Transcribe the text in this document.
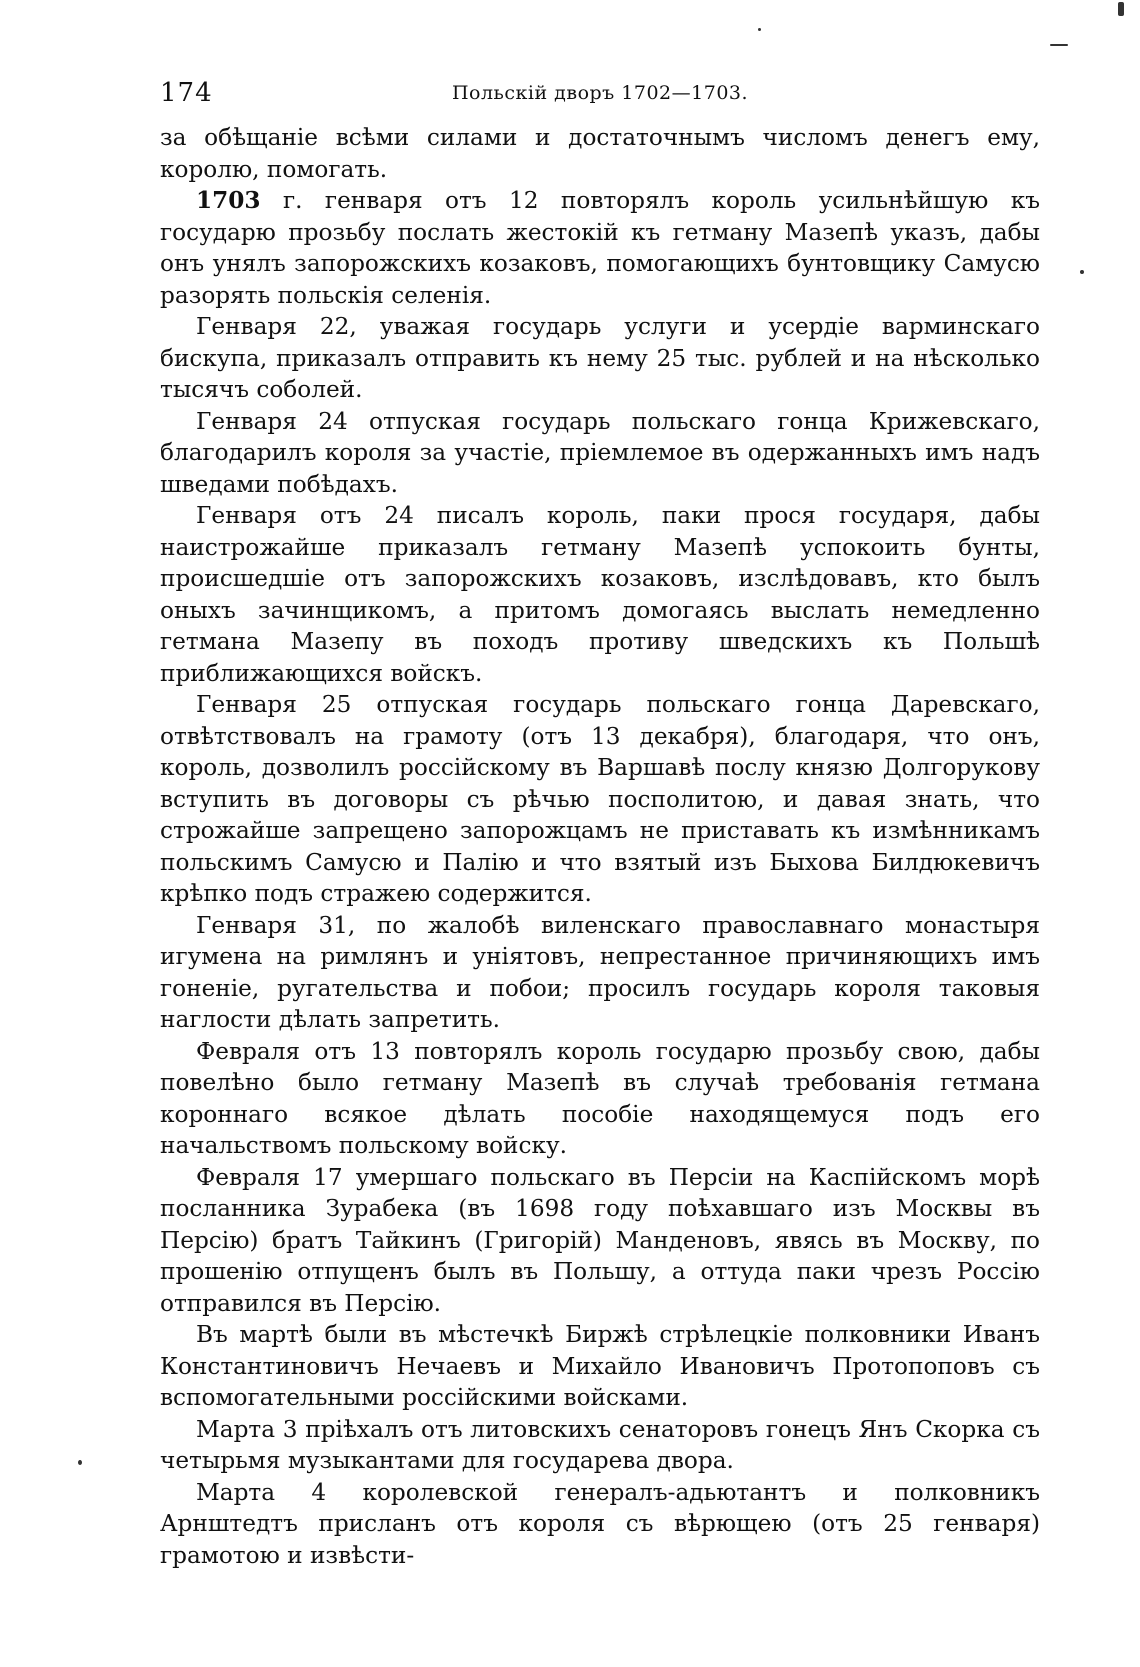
174	Польскій дворъ 1702—1703.

за обѣщаніе всѣми силами и достаточнымъ числомъ денегъ ему, королю, помогать.

1703 г. генваря отъ 12 повторялъ король усильнѣйшую къ государю прозьбу послать жестокій къ гетману Мазепѣ указъ, дабы онъ унялъ запорожскихъ козаковъ, помогающихъ бунтовщику Самусю разорять польскія селенія.

Генваря 22, уважая государь услуги и усердіе варминскаго бискупа, приказалъ отправить къ нему 25 тыс. рублей и на нѣсколько тысячъ соболей.

Генваря 24 отпуская государь польскаго гонца Крижевскаго, благодарилъ короля за участіе, пріемлемое въ одержанныхъ имъ надъ шведами побѣдахъ.

Генваря отъ 24 писалъ король, паки прося государя, дабы наистрожайше приказалъ гетману Мазепѣ успокоить бунты, происшедшіе отъ запорожскихъ козаковъ, изслѣдовавъ, кто былъ оныхъ зачинщикомъ, а притомъ домогаясь выслать немедленно гетмана Мазепу въ походъ противу шведскихъ къ Польшѣ приближающихся войскъ.

Генваря 25 отпуская государь польскаго гонца Даревскаго, отвѣтствовалъ на грамоту (отъ 13 декабря), благодаря, что онъ, король, дозволилъ россійскому въ Варшавѣ послу князю Долгорукову вступить въ договоры съ рѣчью посполитою, и давая знать, что строжайше запрещено запорожцамъ не приставать къ измѣнникамъ польскимъ Самусю и Палію и что взятый изъ Быхова Билдюкевичъ крѣпко подъ стражею содержится.

Генваря 31, по жалобѣ виленскаго православнаго монастыря игумена на римлянъ и уніятовъ, непрестанное причиняющихъ имъ гоненіе, ругательства и побои; просилъ государь короля таковыя наглости дѣлать запретить.

Февраля отъ 13 повторялъ король государю прозьбу свою, дабы повелѣно было гетману Мазепѣ въ случаѣ требованія гетмана короннаго всякое дѣлать пособіе находящемуся подъ его начальствомъ польскому войску.

Февраля 17 умершаго польскаго въ Персіи на Каспійскомъ морѣ посланника Зурабека (въ 1698 году поѣхавшаго изъ Москвы въ Персію) братъ Тайкинъ (Григорій) Манденовъ, явясь въ Москву, по прошенію отпущенъ былъ въ Польшу, а оттуда паки чрезъ Россію отправился въ Персію.

Въ мартѣ были въ мѣстечкѣ Биржѣ стрѣлецкіе полковники Иванъ Константиновичъ Нечаевъ и Михайло Ивановичъ Протопоповъ съ вспомогательными россійскими войсками.

Марта 3 пріѣхалъ отъ литовскихъ сенаторовъ гонецъ Янъ Скорка съ четырьмя музыкантами для государева двора.

Марта 4 королевской генералъ-адьютантъ и полковникъ Арнштедтъ присланъ отъ короля съ вѣрющею (отъ 25 генваря) грамотою и извѣсти-
